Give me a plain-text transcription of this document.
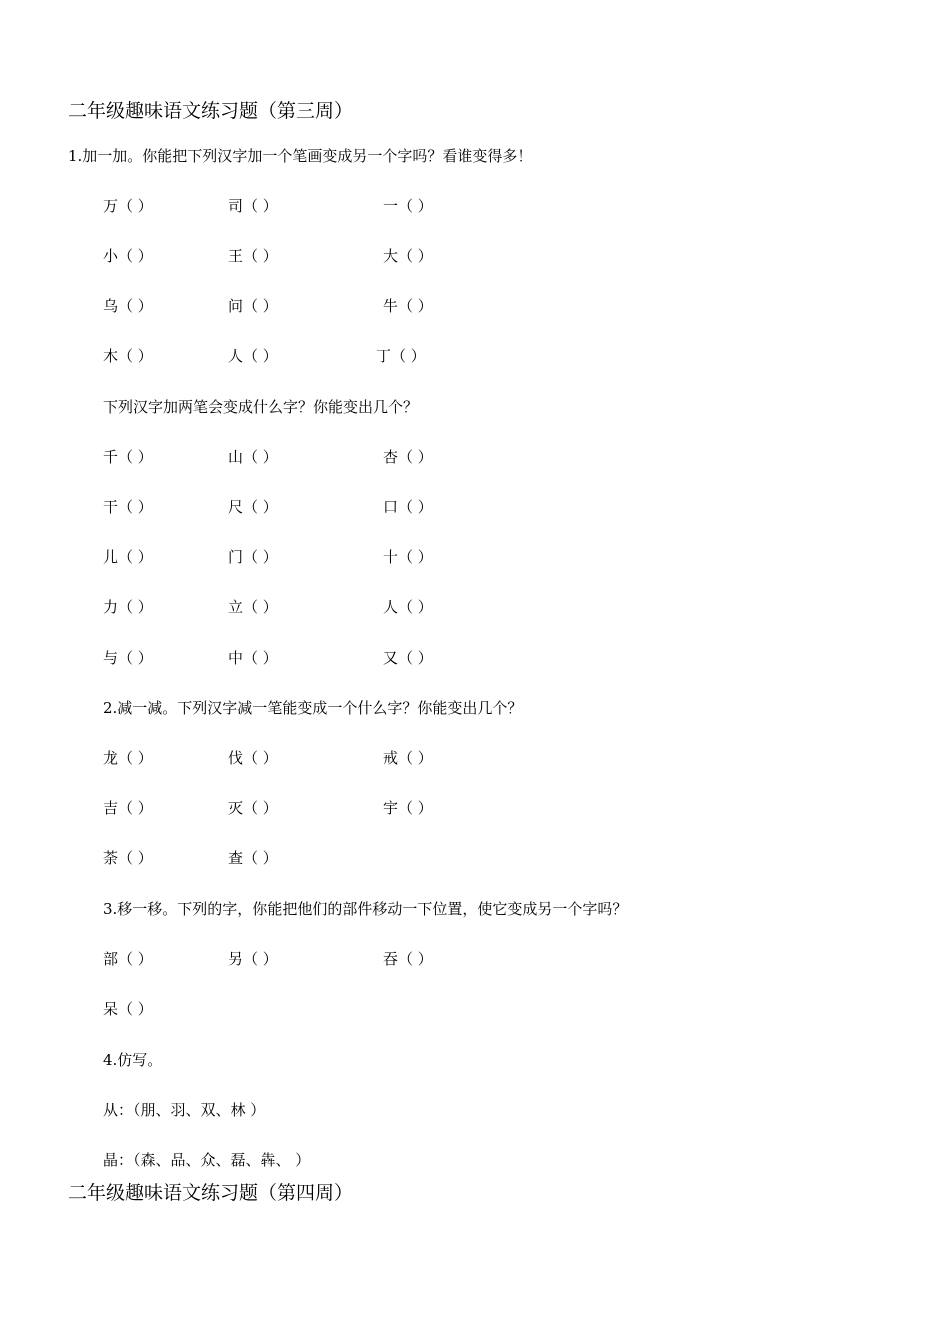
二年级趣味语文练习题（第三周）
1.加一加。你能把下列汉字加一个笔画变成另一个字吗？看谁变得多！
万（ ）	司（ ）	一（ ）
小（ ）	王（ ）	大（ ）
乌（ ）	问（ ）	牛（ ）
木（ ）	人（ ）	丁（ ）
下列汉字加两笔会变成什么字？你能变出几个？
千（ ）	山（ ）	杏（ ）
干（ ）	尺（ ）	口（ ）
儿（ ）	门（ ）	十（ ）
力（ ）	立（ ）	人（ ）
与（ ）	中（ ）	又（ ）
2.减一减。下列汉字减一笔能变成一个什么字？你能变出几个？
龙（ ）	伐（ ）	戒（ ）
吉（ ）	灭（ ）	宇（ ）
荼（ ）	查（ ）
3.移一移。下列的字，你能把他们的部件移动一下位置，使它变成另一个字吗？
部（ ）	另（ ）	吞（ ）
呆（ ）
4.仿写。
从：（朋、羽、双、林 ）
晶：（森、品、众、磊、犇、 ）
二年级趣味语文练习题（第四周）
